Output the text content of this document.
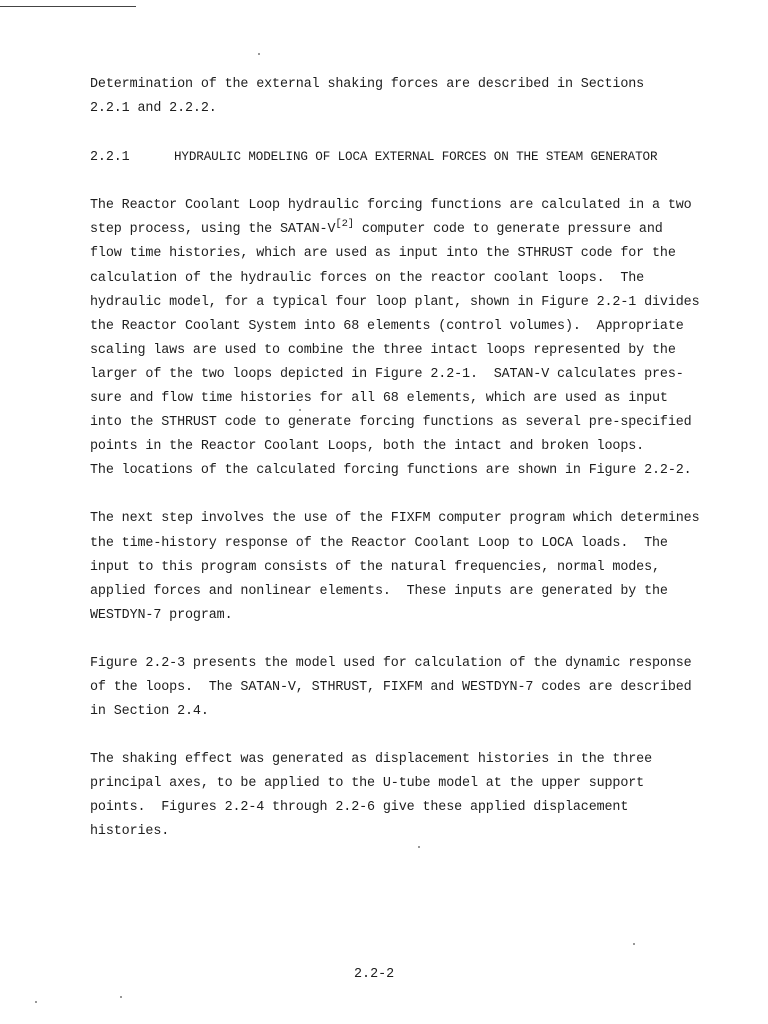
Determination of the external shaking forces are described in Sections
2.2.1 and 2.2.2.
2.2.1	HYDRAULIC MODELING OF LOCA EXTERNAL FORCES ON THE STEAM GENERATOR
The Reactor Coolant Loop hydraulic forcing functions are calculated in a two
step process, using the SATAN-V[2] computer code to generate pressure and
flow time histories, which are used as input into the STHRUST code for the
calculation of the hydraulic forces on the reactor coolant loops.  The
hydraulic model, for a typical four loop plant, shown in Figure 2.2-1 divides
the Reactor Coolant System into 68 elements (control volumes).  Appropriate
scaling laws are used to combine the three intact loops represented by the
larger of the two loops depicted in Figure 2.2-1.  SATAN-V calculates pres-
sure and flow time histories for all 68 elements, which are used as input
into the STHRUST code to generate forcing functions as several pre-specified
points in the Reactor Coolant Loops, both the intact and broken loops.
The locations of the calculated forcing functions are shown in Figure 2.2-2.
The next step involves the use of the FIXFM computer program which determines
the time-history response of the Reactor Coolant Loop to LOCA loads.  The
input to this program consists of the natural frequencies, normal modes,
applied forces and nonlinear elements.  These inputs are generated by the
WESTDYN-7 program.
Figure 2.2-3 presents the model used for calculation of the dynamic response
of the loops.  The SATAN-V, STHRUST, FIXFM and WESTDYN-7 codes are described
in Section 2.4.
The shaking effect was generated as displacement histories in the three
principal axes, to be applied to the U-tube model at the upper support
points.  Figures 2.2-4 through 2.2-6 give these applied displacement
histories.
2.2-2
